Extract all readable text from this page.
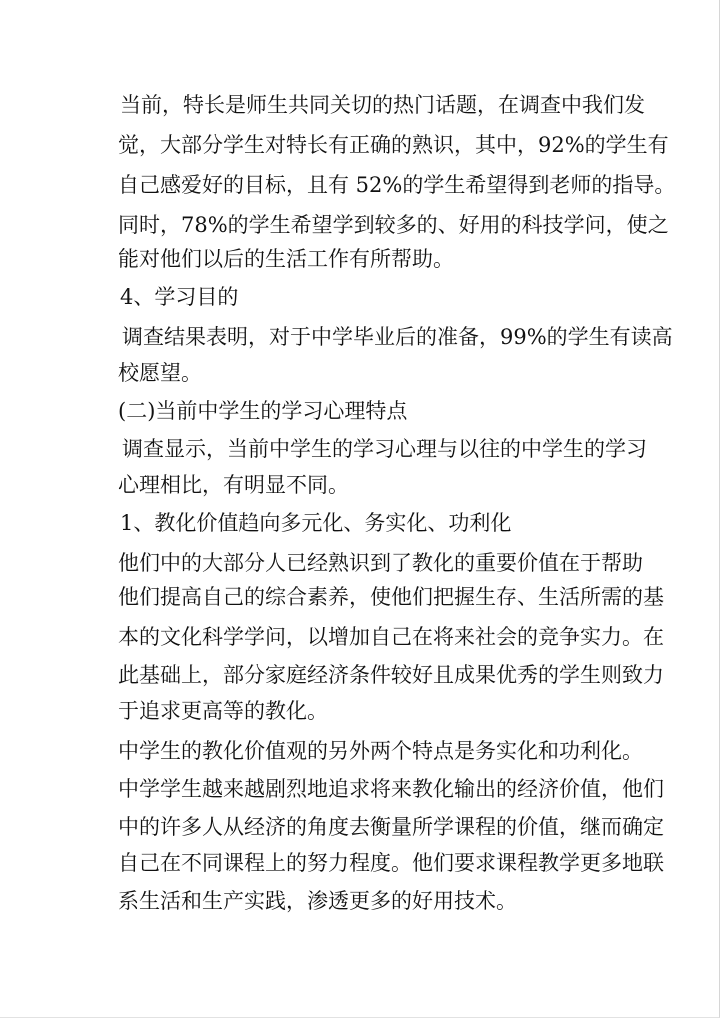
当前，特长是师生共同关切的热门话题，在调查中我们发
觉，大部分学生对特长有正确的熟识，其中，92%的学生有
自己感爱好的目标，且有 52%的学生希望得到老师的指导。
同时，78%的学生希望学到较多的、好用的科技学问，使之
能对他们以后的生活工作有所帮助。
4、学习目的
调查结果表明，对于中学毕业后的准备，99%的学生有读高
校愿望。
(二)当前中学生的学习心理特点
调查显示，当前中学生的学习心理与以往的中学生的学习
心理相比，有明显不同。
1、教化价值趋向多元化、务实化、功利化
他们中的大部分人已经熟识到了教化的重要价值在于帮助
他们提高自己的综合素养，使他们把握生存、生活所需的基
本的文化科学学问，以增加自己在将来社会的竞争实力。在
此基础上，部分家庭经济条件较好且成果优秀的学生则致力
于追求更高等的教化。
中学生的教化价值观的另外两个特点是务实化和功利化。
中学学生越来越剧烈地追求将来教化输出的经济价值，他们
中的许多人从经济的角度去衡量所学课程的价值，继而确定
自己在不同课程上的努力程度。他们要求课程教学更多地联
系生活和生产实践，渗透更多的好用技术。
